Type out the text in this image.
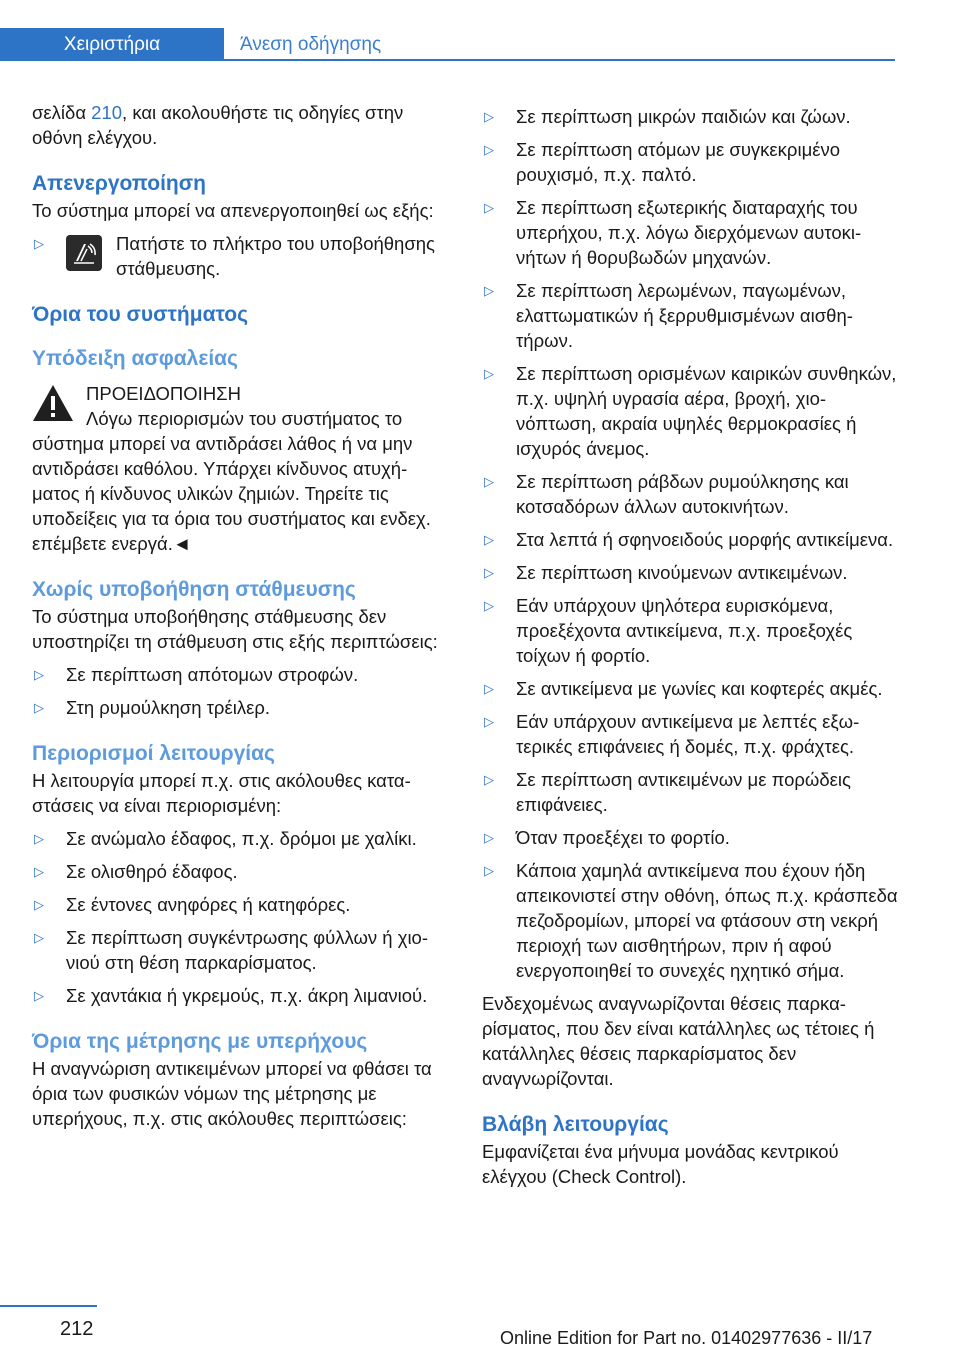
Χειριστήρια	Άνεση οδήγησης

σελίδα 210, και ακολουθήστε τις οδηγίες στην οθόνη ελέγχου.

Απενεργοποίηση

Το σύστημα μπορεί να απενεργοποιηθεί ως εξής:

▷	Πατήστε το πλήκτρο του υποβοήθησης στάθμευσης.
Όρια του συστήματος
Υπόδειξη ασφαλείας

ΠΡΟΕΙΔΟΠΟΙΗΣΗ

Λόγω περιορισμών του συστήματος το σύστημα μπορεί να αντιδράσει λάθος ή να μην αντιδράσει καθόλου. Υπάρχει κίνδυνος ατυχήματος ή κίνδυνος υλικών ζημιών. Τηρείτε τις υποδείξεις για τα όρια του συστήματος και ενδεχ. επέμβετε ενεργά.◄

Χωρίς υποβοήθηση στάθμευσης

Το σύστημα υποβοήθησης στάθμευσης δεν υποστηρίζει τη στάθμευση στις εξής περιπτώσεις:

▷ Σε περίπτωση απότομων στροφών.
▷ Στη ρυμούλκηση τρέιλερ.
Περιορισμοί λειτουργίας

Η λειτουργία μπορεί π.χ. στις ακόλουθες καταστάσεις να είναι περιορισμένη:

▷ Σε ανώμαλο έδαφος, π.χ. δρόμοι με χαλίκι.
▷ Σε ολισθηρό έδαφος.
▷ Σε έντονες ανηφόρες ή κατηφόρες.
▷ Σε περίπτωση συγκέντρωσης φύλλων ή χιονιού στη θέση παρκαρίσματος.
▷ Σε χαντάκια ή γκρεμούς, π.χ. άκρη λιμανιού.
Όρια της μέτρησης με υπερήχους

Η αναγνώριση αντικειμένων μπορεί να φθάσει τα όρια των φυσικών νόμων της μέτρησης με υπερήχους, π.χ. στις ακόλουθες περιπτώσεις:

▷ Σε περίπτωση μικρών παιδιών και ζώων.
▷ Σε περίπτωση ατόμων με συγκεκριμένο ρουχισμό, π.χ. παλτό.
▷ Σε περίπτωση εξωτερικής διαταραχής του υπερήχου, π.χ. λόγω διερχόμενων αυτοκινήτων ή θορυβωδών μηχανών.
▷ Σε περίπτωση λερωμένων, παγωμένων, ελαττωματικών ή ξερρυθμισμένων αισθητήρων.
▷ Σε περίπτωση ορισμένων καιρικών συνθηκών, π.χ. υψηλή υγρασία αέρα, βροχή, χιονόπτωση, ακραία υψηλές θερμοκρασίες ή ισχυρός άνεμος.
▷ Σε περίπτωση ράβδων ρυμούλκησης και κοτσαδόρων άλλων αυτοκινήτων.
▷ Στα λεπτά ή σφηνοειδούς μορφής αντικείμενα.
▷ Σε περίπτωση κινούμενων αντικειμένων.
▷ Εάν υπάρχουν ψηλότερα ευρισκόμενα, προεξέχοντα αντικείμενα, π.χ. προεξοχές τοίχων ή φορτίο.
▷ Σε αντικείμενα με γωνίες και κοφτερές ακμές.
▷ Εάν υπάρχουν αντικείμενα με λεπτές εξωτερικές επιφάνειες ή δομές, π.χ. φράχτες.
▷ Σε περίπτωση αντικειμένων με πορώδεις επιφάνειες.
▷ Όταν προεξέχει το φορτίο.
▷ Κάποια χαμηλά αντικείμενα που έχουν ήδη απεικονιστεί στην οθόνη, όπως π.χ. κράσπεδα πεζοδρομίων, μπορεί να φτάσουν στη νεκρή περιοχή των αισθητήρων, πριν ή αφού ενεργοποιηθεί το συνεχές ηχητικό σήμα.

Ενδεχομένως αναγνωρίζονται θέσεις παρκαρίσματος, που δεν είναι κατάλληλες ως τέτοιες ή κατάλληλες θέσεις παρκαρίσματος δεν αναγνωρίζονται.

Βλάβη λειτουργίας

Εμφανίζεται ένα μήνυμα μονάδας κεντρικού ελέγχου (Check Control).

212	Online Edition for Part no. 01402977636 - II/17
